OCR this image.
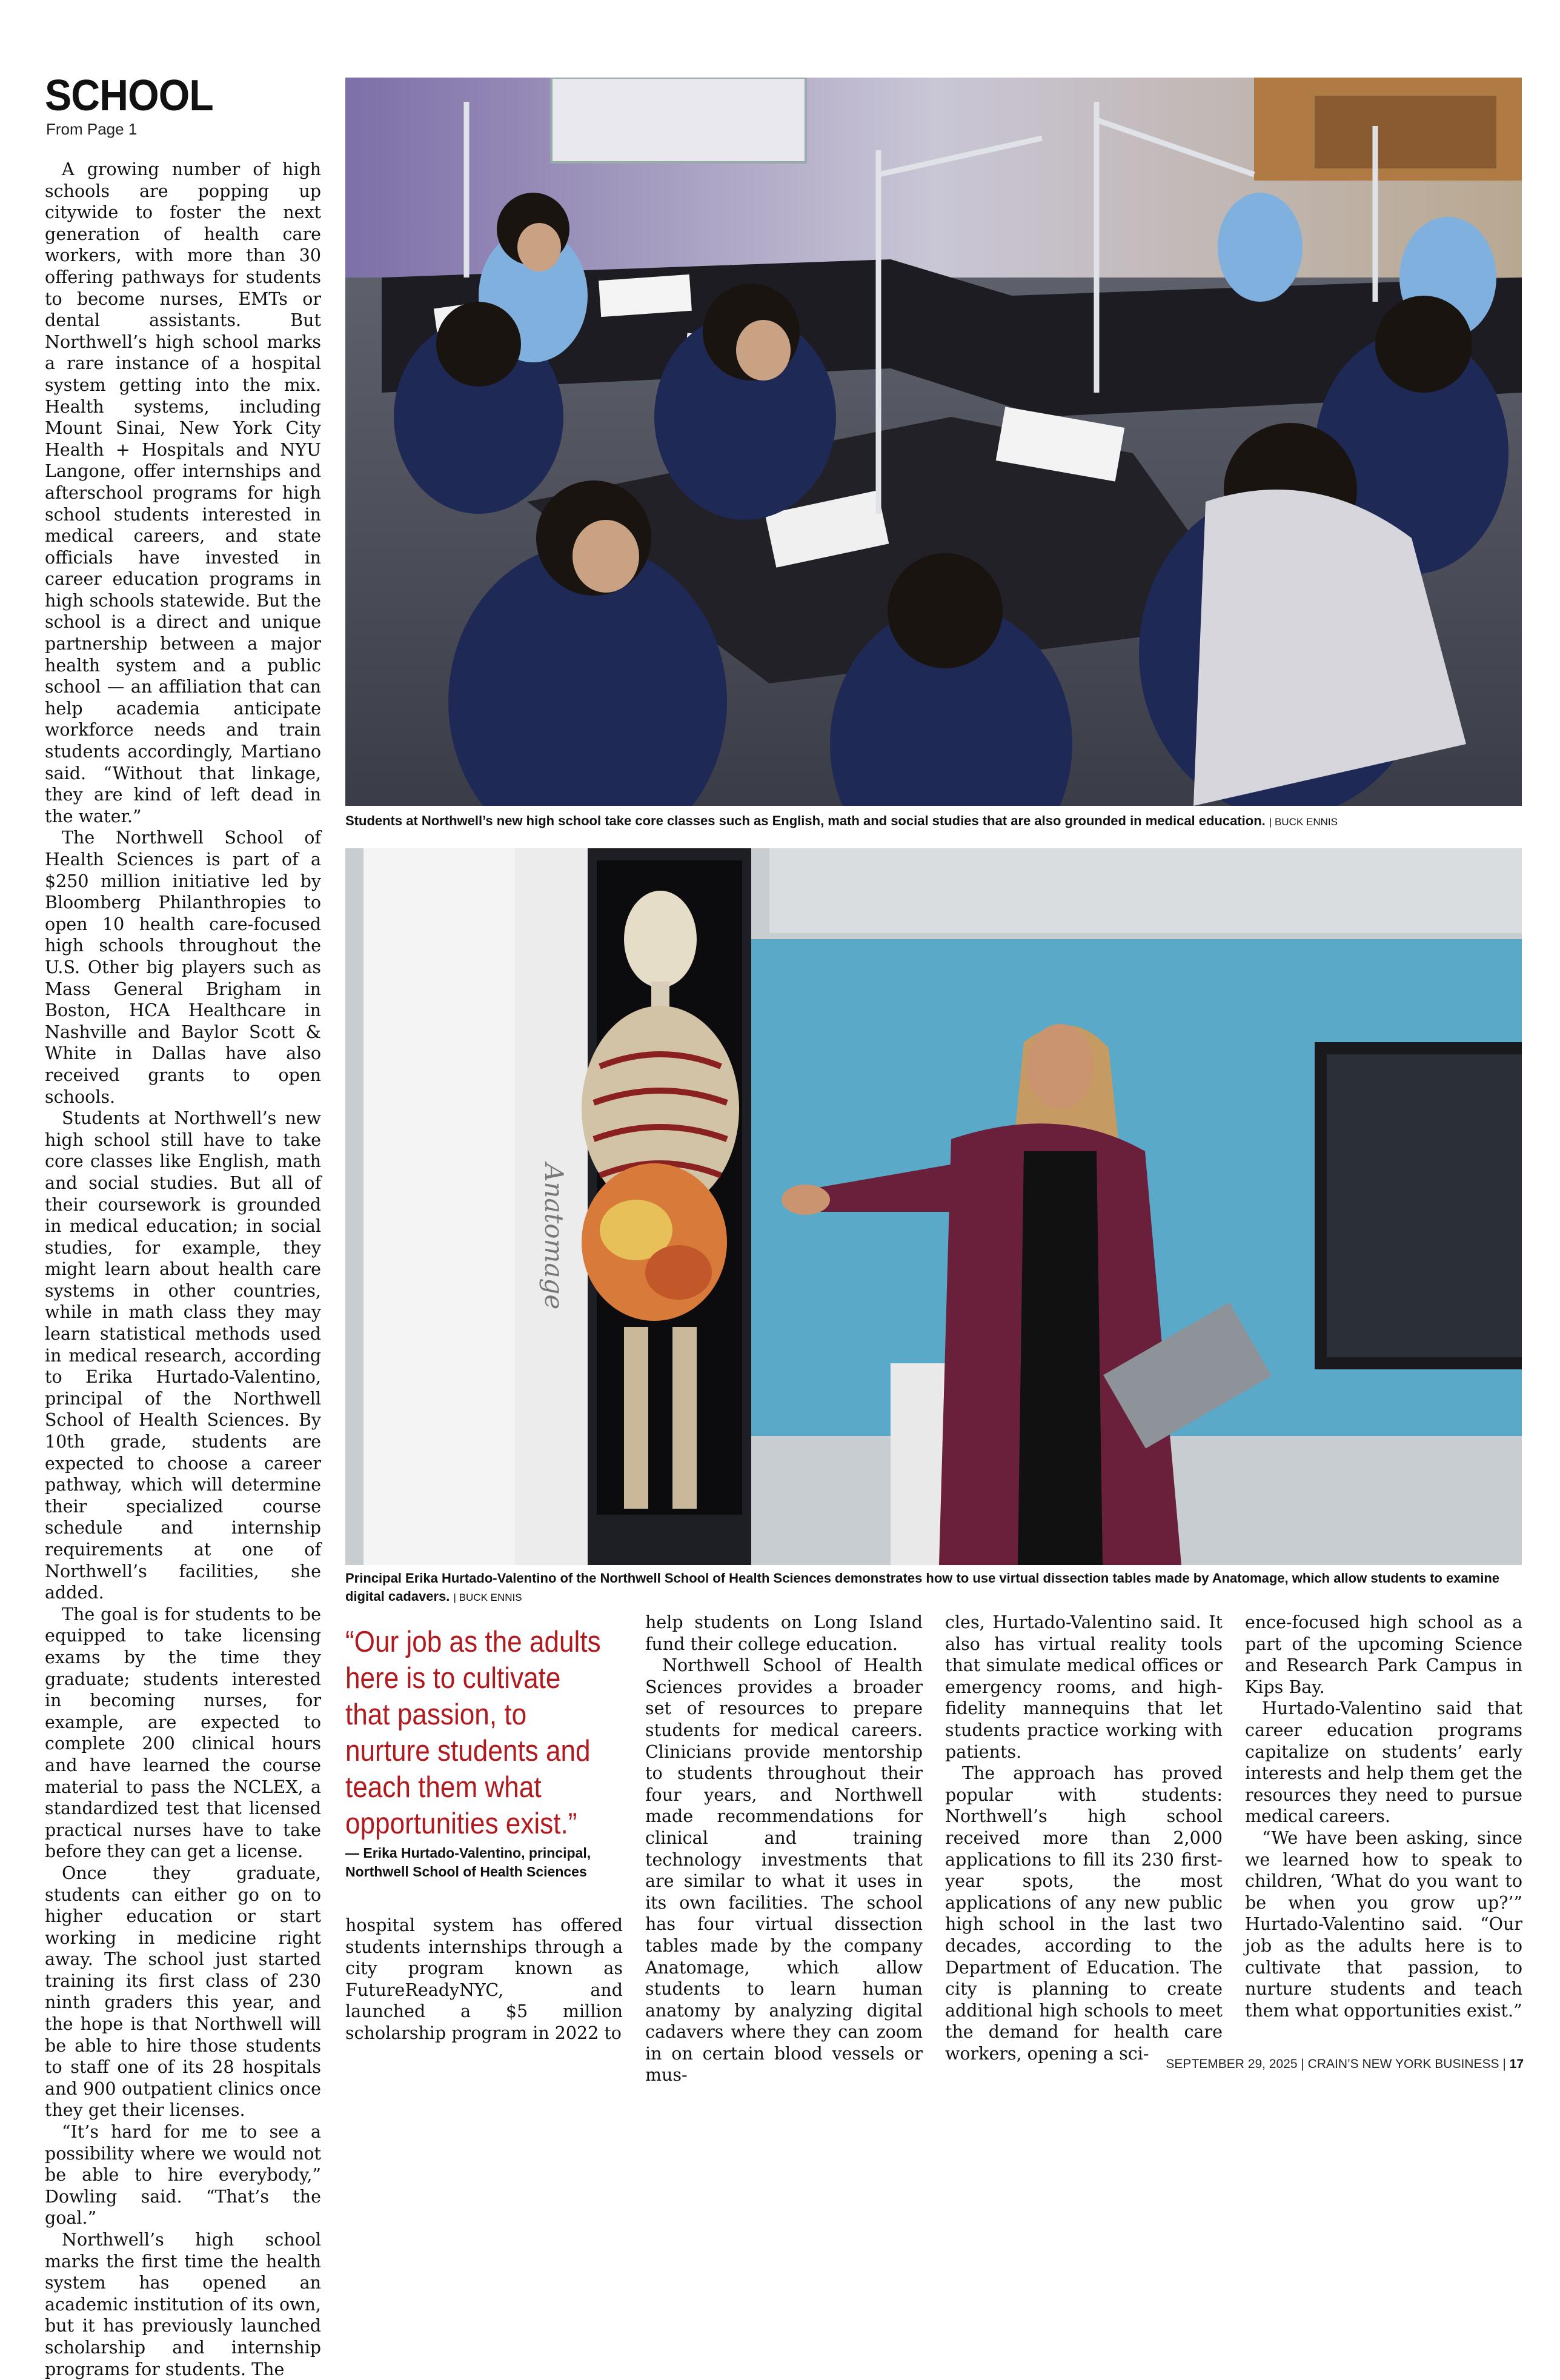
SCHOOL
From Page 1

A growing number of high schools are popping up citywide to foster the next generation of health care workers, with more than 30 offering pathways for students to become nurses, EMTs or dental assistants. But Northwell’s high school marks a rare instance of a hospital system getting into the mix. Health systems, including Mount Sinai, New York City Health + Hospitals and NYU Langone, offer internships and afterschool programs for high school students interested in medical careers, and state officials have invested in career education programs in high schools statewide. But the school is a direct and unique partnership between a major health system and a public school — an affiliation that can help academia anticipate workforce needs and train students accordingly, Martiano said. “Without that linkage, they are kind of left dead in the water.”

The Northwell School of Health Sciences is part of a $250 million initiative led by Bloomberg Philanthropies to open 10 health care-focused high schools throughout the U.S. Other big players such as Mass General Brigham in Boston, HCA Healthcare in Nashville and Baylor Scott & White in Dallas have also received grants to open schools.

Students at Northwell’s new high school still have to take core classes like English, math and social studies. But all of their coursework is grounded in medical education; in social studies, for example, they might learn about health care systems in other countries, while in math class they may learn statistical methods used in medical research, according to Erika Hurtado-Valentino, principal of the Northwell School of Health Sciences. By 10th grade, students are expected to choose a career pathway, which will determine their specialized course schedule and internship requirements at one of Northwell’s facilities, she added.

The goal is for students to be equipped to take licensing exams by the time they graduate; students interested in becoming nurses, for example, are expected to complete 200 clinical hours and have learned the course material to pass the NCLEX, a standardized test that licensed practical nurses have to take before they can get a license.

Once they graduate, students can either go on to higher education or start working in medicine right away. The school just started training its first class of 230 ninth graders this year, and the hope is that Northwell will be able to hire those students to staff one of its 28 hospitals and 900 outpatient clinics once they get their licenses.

“It’s hard for me to see a possibility where we would not be able to hire everybody,” Dowling said. “That’s the goal.”

Northwell’s high school marks the first time the health system has opened an academic institution of its own, but it has previously launched scholarship and internship programs for students. The

Students at Northwell’s new high school take core classes such as English, math and social studies that are also grounded in medical education. | BUCK ENNIS
Anatomage
Principal Erika Hurtado-Valentino of the Northwell School of Health Sciences demonstrates how to use virtual dissection tables made by Anatomage, which allow students to examine digital cadavers. | BUCK ENNIS
“Our job as the adults here is to cultivate that passion, to nurture students and teach them what opportunities exist.”
— Erika Hurtado-Valentino, principal,
Northwell School of Health Sciences

hospital system has offered students internships through a city program known as FutureReadyNYC, and launched a $5 million scholarship program in 2022 to

help students on Long Island fund their college education.

Northwell School of Health Sciences provides a broader set of resources to prepare students for medical careers. Clinicians provide mentorship to students throughout their four years, and Northwell made recommendations for clinical and training technology investments that are similar to what it uses in its own facilities. The school has four virtual dissection tables made by the company Anatomage, which allow students to learn human anatomy by analyzing digital cadavers where they can zoom in on certain blood vessels or mus-

cles, Hurtado-Valentino said. It also has virtual reality tools that simulate medical offices or emergency rooms, and high-fidelity mannequins that let students practice working with patients.

The approach has proved popular with students: Northwell’s high school received more than 2,000 applications to fill its 230 first-year spots, the most applications of any new public high school in the last two decades, according to the Department of Education. The city is planning to create additional high schools to meet the demand for health care workers, opening a sci-

ence-focused high school as a part of the upcoming Science and Research Park Campus in Kips Bay.

Hurtado-Valentino said that career education programs capitalize on students’ early interests and help them get the resources they need to pursue medical careers.

“We have been asking, since we learned how to speak to children, ‘What do you want to be when you grow up?’” Hurtado-Valentino said. “Our job as the adults here is to cultivate that passion, to nurture students and teach them what opportunities exist.”

SEPTEMBER 29, 2025 | CRAIN’S NEW YORK BUSINESS | 17
